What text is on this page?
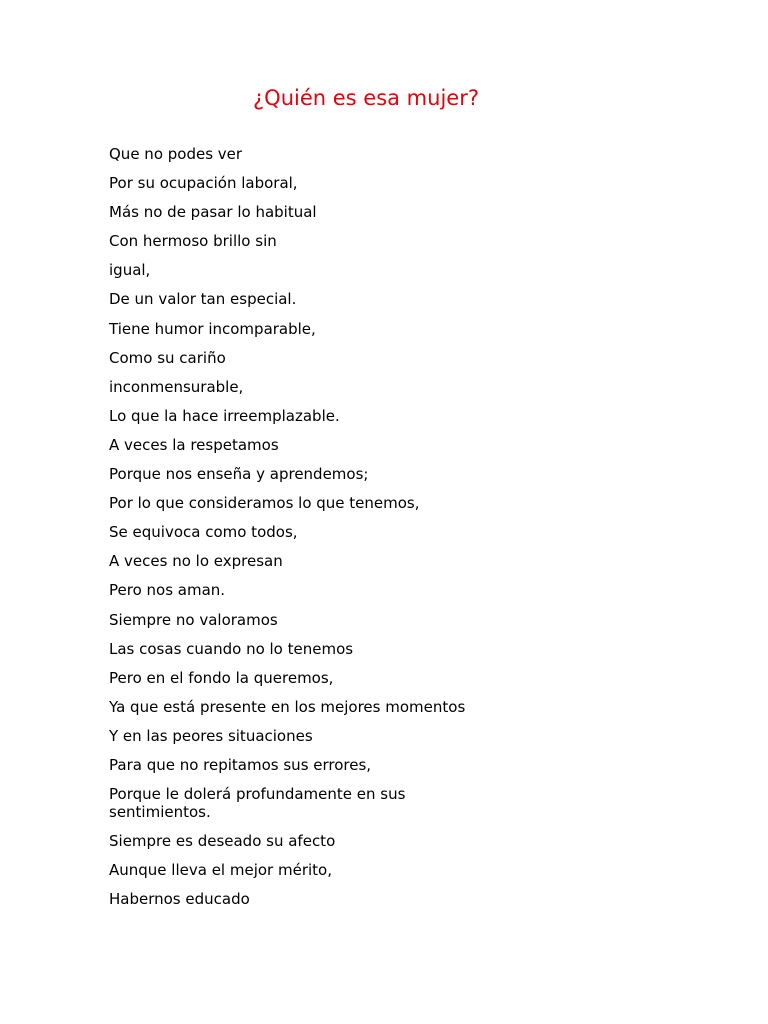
¿Quién es esa mujer?
Que no podes ver
Por su ocupación laboral,
Más no de pasar lo habitual
Con hermoso brillo sin
igual,
De un valor tan especial.
Tiene humor incomparable,
Como su cariño
inconmensurable,
Lo que la hace irreemplazable.
A veces la respetamos
Porque nos enseña y aprendemos;
Por lo que consideramos lo que tenemos,
Se equivoca como todos,
A veces no lo expresan
Pero nos aman.
Siempre no valoramos
Las cosas cuando no lo tenemos
Pero en el fondo la queremos,
Ya que está presente en los mejores momentos
Y en las peores situaciones
Para que no repitamos sus errores,
Porque le dolerá profundamente en sus
sentimientos.
Siempre es deseado su afecto
Aunque lleva el mejor mérito,
Habernos educado
